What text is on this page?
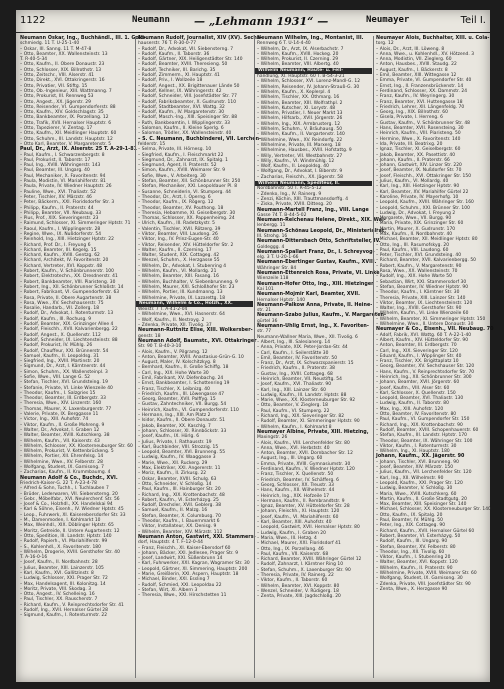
1122	Neumann — „Lehmann 1931“ —	Neumayer	Teil I.
Neumann Oskar, Ing., Buchhändl., III. 1. Gold-
schmiedg. 11 T. U-25-1-40
– Oskar, III. Sanng. 11 T. M-47-8
– Otto, Beamter, XX. Wallensteinstr. 13
T. R-40-5-34
– Otto, Kaufm., II. Obere Donaustr. 23
– Otto, Schlosser, XIX. Billrothstr. 13
– Otto, Zeitschr., VIII. Alserstr. 41
– Otto, Direkt., XVI. Ottakringerstr. 16
– Otto, Privatier, VII. Stiftg. 15
– Otto, Ob.-Ingenieur, XIII. Wattmanng. 7
– Otto, Prokurist, III. Rennweg 53
– Otto, Angest., XX. Jägerstr. 29
– Otto, Reisender, VI. Gumpendorferstr. 88
– Otto, Kaufm., XIV. Goldschlagstr. 35
– Otto, Bankbeamter, IX. Porzellang. 12
– Otto, Trafik, XVII. Hernalser Hauptstr. 6
– Otto, Tapezierer, V. Zentag. 17
– Otto, Kaufm., XII. Meidlinger Hauptstr. 60
– Otto, Schuhm., III. Landstr. Hauptstr. 12
– Otto Karl, Beamter, V. Margaretenstr. 5
Paul, Dr., Arzt, IX. Alserstr. 25 T. A-29-1-81
– Paul, Kaufm., I. Schwarzenbergstr. 8
– Paul, Prokurist, II. Taborstr. 17
– Paul, Ing., XVIII. Währingerstr. 143
– Paul, Beamter, III. Ungarg. 40
– Paul, Mechaniker, X. Favoritenstr. 94
– Paula, Modistin, VI. Mariahilferstr. 81
– Paula, Private, IV. Wiedner Hauptstr. 26
– Pauline, Wwe., XVI. Thaliastr. 52
– Peter, Tischler, XV. Märzstr. 46
– Peter, Bäckerm., XXI. Floridsdorfer Str. 3
– Philipp, Kaufm., II. Praterstr. 44
– Philipp, Beamter, VII. Neubaug. 33
– Pius, Prof., XIX. Sieveringerstr. 23
– Raimund, Schlosser, XI. Simmeringer Hptstr. 71
– Raoul, Kaufm., I. Wipplingerstr. 28
– Regine, Wwe., IX. Nußdorferstr. 54
– Reinhold, Ing., XIII. Hietzinger Hptstr. 22
– Richard, Prof. Dr., I. Freyung 6
– Richard, Beamter, III. Kegelg. 15
– Richard, Kaufm., XVIII. Gentzg. 62
– Richard, Architekt, IV. Favoritenstr. 20
– Richard, Vertreter, XVI. Koppstr. 48
– Robert, Kaufm., V. Schönbrunnerstr. 100
– Robert, Elektrotechn., XX. Dresdnerstr. 41
– Robert, Bankbeamter, VIII. Piaristeng. 30
– Robert, Ing., XII. Schönbrunner Schloßstr. 14
– Robert, Fabrikant, VI. Gumpendorferstr. 63
– Rosa, Private, II. Obere Augartenstr. 38
– Rosa, Wwe., XV. Sechshauserstr. 75
– Rosalie, Handarb., VII. Zollerg. 18
– Rudolf, Dr., Advokat, I. Rotenturmstr. 13
– Rudolf, Kaufm., III. Rochusg. 9
– Rudolf, Beamter, XIX. Grinzinger Allee 4
– Rudolf, Fleischh., XVII. Kalvarienbergg. 22
– Rudolf, Angest., X. Quellenstr. 112
– Rudolf, Schneider, IX. Liechtensteinstr. 88
– Rudolf, Prokurist, IV. Mühlg. 26
– Rudolf, Chauffeur, XXI. Brünnerstr. 54
– Samuel, Kaufm., II. Leopoldsg. 31
– Siegfried, Ing., XVIII. Martinstr. 20
– Sigmund, Dr., Arzt, I. Kärntnerstr. 44
– Simon, Schuhm., XX. Wallensteinpl. 3
– Sofie, Wwe., VIII. Lange G. 52
– Stefan, Tischler, XVI. Grundsteing. 19
– Stefanie, Private, VI. Linke Wienzeile 40
– Theodor, Kaufm., I. Salzgries 15
– Theodor, Beamter, III. Erdbergstr. 33
– Theresia, Wwe., XIV. Linzerstr. 160
– Thomas, Maurer, X. Laxenburgerstr. 77
– Valerie, Private, IX. Berggasse 11
– Victor, Ing., XIII. Auhofstr. 74
– Viktor, Kaufm., II. Große Mohreng. 9
– Walter, Dr., Advokat, I. Graben 12
– Walter, Beamter, XVIII. Kutschkerg. 38
– Wilhelm, Kaufm., VII. Kaiserstr. 43
– Wilhelm, Schlosser, XX. Klosterneuburger Str. 60
– Wilhelm, Prokurist, V. Kettenbrückeng. 5
– Wilhelm, Portier, XII. Ehrenfelsg. 14
– Wilhelmine, Wwe., XV. Felberstr. 28
– Wolfgang, Student, IX. Garnisong. 7
– Zacharias, Kaufm., II. Krummbaumg. 4
Neumann Adolf & Co., Buchdr., XVI.
Friedrich-Kaiser-G. 22 T. A-23-4-78
– Alfred & Sohn, Tuchh., I. Tuchlauben 7
– Brüder, Lederwaren, VII. Siebensterng. 20
– Gebr., Möbelfabr., XVI. Neulerchenf. Str. 56
– Josef & Co., Holzhdl., XX. Handelskai 94
– Karl & Söhne, Eisenh., IV. Wiedner Hptstr. 45
– Leop., Fuhrwerk, XI. Kaiserebersdorfer Str. 33
– M., Damenmoden, I. Kohlmarkt 10
– Max, Weinhdl., XIX. Döblinger Hptstr. 65
– Moritz, Getreide, II. Untere Augartenstr. 12
– Otto, Spedition, III. Landstr. Hptstr. 140
– Rudolf, Papierh., VI. Mariahilferstr. 99
– S., Kohlenhdl., X. Favoritenstr. 180
– Wilhelm, Drogerie, XVIII. Gersthofer Str. 40
T. A-16-0-16
– Josef, Kaufm., II. Nordbahnstr. 28
– Julius, Beamter, XIII. Lainzerstr. 105
– Karl, Kaufm., XVI. Gallitzinstr. 8
– Ludwig, Schlosser, XXI. Prager Str. 72
– Max, Handelsagent, III. Kolonitzg. 14
– Moritz, Private, VIII. Skodag. 3
– Otto, Angest., IV. Schelleing. 16
– Paul, Tischler, XX. Rauscherstr. 7
– Richard, Kaufm., V. Reinprechtsdorfer Str. 41
– Rudolf, Ing., XVII. Hernalser Gürtel 28
– Sigmund, Kaufm., I. Rotenturmstr. 22
Neumann Rudolf, Journalist, XIV (XV). Sechs-
hauserstr. 76 T. R-30-0-77
– Rudolf, Dr., Advokat, VII. Siebensterng. 7
– Rudolf, Kaufm., II. Taborstr. 36
– Rudolf, Gärtner, XIX. Heiligenstädter Str. 140
– Rudolf, Beamter, XVIII. Theresieng. 50
– Rudolf, Techniker, III. Barichg. 35
– Rudolf, Zimmerm., XI. Hauptstr. 41
– Rudolf, Priv., I. Wollzeile 18
– Rudolf, Angest., XX. Brigittenauer Lände 50
– Rudolf, Kellner, IX. Währingerstr. 42
– Rudolf, Schneider, VIII. Josefstädter Str. 77
– Rudolf, Fabriksbeamter, X. Gudrunstr. 110
– Rudolf, Stadtbeamter, XVI. Wattg. 32
– Rudolf, Kaufm., IV. Margaretenstr. 30
– Rudolf, Masch.-Ing., XIII. Speisinger Str. 88
– Ruth, Bankbeamtin, I. Wipplingerstr. 33
– Salomon, Kaufm., II. Kleine Sperlg. 6
– Salomon, Trödler, XX. Wallensteinstr. 40
– S. C. Neumann, Buchbinderei, VII. Lerchen-
felderstr. 15
– Selma, Private, III. Hörnesg. 10
– Siegfried, Kaufm., I. Fleischmarkt 22
– Siegmund, Dr., Zahnarzt, IX. Spitalg. 1
– Siegmund, Agent, II. Praterstr. 52
– Simon, Kaufm., XVIII. Weimarer Str. 9
– Sofie, Wwe., V. Arbeiterg. 30
– Stefan, Beamter, XII. Schönbrunner Str. 250
– Stefan, Mechaniker, XXI. Leopoldauer Pl. 8
– Susanne, Schneiderin, VI. Stumperg. 44
– Theodor, Dr., Arzt, I. Operng. 6
– Theodor, Kaufm., IX. Rögerg. 12
– Theodor, Beamter, XV. Pouthong. 18
– Theresia, Hebamme, XI. Geiselbergstr. 30
– Thomas, Schlosser, XX. Pappenheimg. 24
– Ulrich, Kaufm., III. Radetzkystr. 5
– Valentin, Tischler, XVII. Rötzerg. 39
– Viktor, Beamter, VIII. Laudong. 26
– Viktor, Ing., IV. Prinz-Eugen-Str. 40
– Viktor, Reisender, XIV. Hütteldorfer Str. 2
– Walter, Kaufm., II. Czerning. 17
– Walter, Student, XIX. Cottageg. 42
– Wenzel, Schuhm., X. Herzgasse 55
– Wilhelm, Dr., Advokat, I. Stubenring 4
– Wilhelm, Kaufm., VI. Mollardg. 21
– Wilhelm, Beamter, XIII. Fasang. 16
– Wilhelm, Buchhalter, V. Siebenbrunneng. 9
– Wilhelm, Maurer, XXI. Schloßhofer Str. 23
– Wilhelm, Portier, III. Kundmanng. 13
– Wilhelmine, Private, IX. Lazarettg. 18
Neumann, Wilhelm & Co., Holzh., XX.
Wexstr. 7 T. A-41-2-04
– Wilhelmine, Wwe., XVI. Hasnerstr. 64
– Wolf, Kaufm., II. Nestroyg. 2
– Zdenka, Private, XII. Tivolig. 37
Neumann-Ruttnitz Elise, XIII. Wolkersber-
genstr. 18
Neumann Adolf, Baumstr., XVI. Ottakringer
Str. 90 T. B-40-3-10
– Alois, Kaufm., V. Pilgramg. 12
– Anton, Beamter, XVIII. Anastasius-Grün-G. 10
– August, Maler, IV. Kolschitzkyg. 8
– Bernhard, Kaufm., II. Große Schiffg. 18
– Carl, Ing., XIX. Hohe Warte 30
– Emil, Fabrikant, XV. Diefenbachg. 24
– Ernst, Bankbeamter, I. Schottenring 19
– Franz, Tischler, X. Leibnizg. 40
– Friedrich, Kaufm., III. Löwengasse 47
– Georg, Beamter, XVII. Palffyg. 15
– Gustav, Zahntechniker, VII. Burgg. 54
– Heinrich, Kaufm., VI. Gumpendorferstr. 110
– Hermann, Ing., XIII. Am Platz 2
– Isidor, Kaufm., II. Obere Donaustr. 51
– Jakob, Beamter, XX. Kaschlg. 7
– Johann, Schlosser, XI. Rinnböckstr. 33
– Josef, Kaufm., IX. Hörlg. 6
– Julius, Private, I. Rathausstr. 19
– Karl, Buchbinder, VIII. Strozzig. 15
– Leopold, Beamter, XVI. Brunneng. 55
– Ludwig, Kaufm., IV. Waaggasse 3
– Marie, Wwe., XII. Ruckerg. 29
– Max, Elektriker, XXI. Angererstr. 11
– Moriz, Kaufm., II. Zirkusg. 22
– Oskar, Beamter, XVIII. Schulg. 63
– Otto, Schneider, V. Schloßg. 14
– Paul, Kaufm., III. Hainburger Str. 20
– Richard, Ing., XIX. Krottenbachstr. 48
– Robert, Kaufm., VI. Esterházyg. 25
– Rudolf, Drechsler, XVII. Geblerg. 38
– Samuel, Kaufm., II. Malzg. 16
– Stefan, Beamter, X. Columbusg. 70
– Theodor, Kaufm., I. Bauernmarkt 6
– Viktor, Installateur, XX. Denisg. 9
– Wilhelm, Beamter, XIV. Märzstr. 112
Neumann Anton, Gastwirt, XXI. Stammers-
dorf, Hauptstr. 4 T. F-12-0-44
– Franz, Fleischh., XI. Kaiser-Ebersdorf 60
– Johann, Bäcker, XXI. Jedlesee, Prager Str. 9
– Josef, Landwirt, XXI. Süßenbrunn 14
– Karl, Fuhrwerker, XXI. Kagran, Wagramer Str. 30
– Leopold, Gärtner, XI. Simmering, Hauptstr. 200
– Marie, Greißlerin, XXI. Aspern, Hauptstr. 18
– Michael, Binder, XXI. Essling 7
– Rudolf, Schmied, XXI. Leopoldau 22
– Stefan, Wirt, XI. Albern 3
– Theresia, Wwe., XXI. Hirschstetten 11
Neumann Wilhelm, Ing., Montanist, III.
Rennweg 6 T. U-14-4-40
– Wilhelm, Dr., Arzt, IX. Alserbachstr. 7
– Wilhelm, Kaufm., XVIII. Hockeg. 20
– Wilhelm, Prokurist, II. Czerning. 29
– Wilhelm, Beamter, VIII. Albertg. 40
Wilhelm Neumann, Häute- u. Fell-
handlung, XI. Hauptstr. 60 T. B-54-3-21
– Wilhelm, Schlosser, XVI. Lorenz-Mandl-G. 12
– Wilhelm, Reisender, IV. Johann-Strauß-G. 30
– Wilhelm, Kaufm., X. Keplerpl. 4
– Wilhelm, Tischler, XX. Othmarg. 16
– Wilhelm, Beamter, XIII. Wolfrathpl. 2
– Wilhelm, Kutscher, XI. Lorystr. 48
– Wilhelm, Privatier, I. Neuer Markt 13
– Wilhelm, Hilfsarb., XVII. Jörgerstr. 26
– Wilhelm, Ing., XIX. Armbrusterg. 12
– Wilhelm, Schuhm., V. Bräuhausg. 50
– Wilhelm, Kaufm., II. Vorgartenstr. 140
– Wilhelmine, Wwe., XV. Reindorfg. 22
– Wilhelmine, Private, III. Marxerg. 18
– Wilhelmine, Hausbes., XVIII. Hofstattg. 9
– Willy, Vertreter, VII. Westbahnstr. 27
– Willy, Kaufm., VI. Windmühlg. 12
– Wolf, Kaufm., II. Leopoldsg. 40
– Wolfgang, Dr., Advokat, I. Biberstr. 9
– Zacharias, Fleischh., XX. Jägerstr. 58
Wilhelm Neumann, Spediteur, II.
Nordbahnstr. 50 T. R-45-5-12
– Zdenko, Ing., IV. Rainerg. 9
– Zenzi, Köchin, XIII. Trauttmansdorffg. 4
– Ziska, Private, XVIII. Dittesg. 20
Neumann-Martell Franz, Ing., VIII. Lange
Gasse 74 T. B-44-5-02
Neumann-Reichenau Helene, Direkt., XIX. Wal-
lenbergg. 11
Neumann-Schönau Leopold, Dr., Ministerialrat,
III. Strohg. 16
Neumann-Dittersbach Otto, Schriftsteller, IV.
Goldeggg. 4
Neumann-Spallart Franz, Dr., I. Schreyvog-
elg. 3 T. U-20-1-66
Neumann-Ebertinger Gustav, Kaufm., XVIII.
Währinger Str. 84
Neumann-Ettenreich Rosa, Private, VI. Linke
Wienzeile 118
Neumann-Hofer Otto, Ing., XIII. Hietzinger
Kai 101
Neumann-Mojmir Karl, Beamter, XVII.
Hernalser Hptstr. 140
Neumann-Palkow Anna, Private, II. Heine-
str. 21
Neumann-Szabo Julius, Kaufm., V. Margareten-
gürtel 36
Neumann-Uhlig Ernst, Ing., X. Favoriten-
str. 77
Neumann-Wallner Maria, Wwe., XII. Tivolig. 6
– Albert, Ing., III. Salesianerg. 14
– Anna, Private, XIX. Peter-Jordan-Str. 44
– Carl, Kaufm., I. Seilerstätte 30
– Emil, Beamter, IV. Favoritenstr. 50
– Franz, Dr., Arzt, IX. Schwarzspanierstr. 15
– Friedrich, Kaufm., II. Praterstr. 38
– Gustav, Ing., XVIII. Cottageg. 68
– Heinrich, Beamter, VII. Neustiftg. 54
– Josef, Kaufm., XVI. Thaliastr. 90
– Karl, Ing., XIII. Lainzer Str. 60
– Ludwig, Kaufm., III. Landstr. Hptstr. 88
– Marie, Wwe., XX. Klosterneuburger Str. 92
– Otto, Beamter, V. Zieglerg. 18
– Paul, Kaufm., VI. Stumperg. 22
– Richard, Ing., XIX. Sieveringer Str. 82
– Rudolf, Beamter, XI. Simmeringer Hptstr. 90
– Wilhelm, Kaufm., I. Kohlmarkt 8
Neumayer Albine, Private, XIII. Hietzing,
Maxingstr. 26
– Alois, Kaufm., VIII. Lerchenfelder Str. 80
– Anna, Wwe., XVI. Herbststr. 40
– Anton, Beamter, XVII. Dornbacher Str. 12
– August, Ing., III. Ungarg. 60
– Emma, Private, XVIII. Gymnasiumstr. 30
– Ferdinand, Kaufm., V. Wiedner Hptstr. 120
– Franz, Tischler, X. Quellenstr. 50
– Friedrich, Beamter, IV. Schäfferg. 6
– Georg, Schlosser, XX. Treustr. 33
– Hans, Kaufm., XII. Wilhelmstr. 44
– Heinrich, Ing., XIX. Hofzeile 17
– Hermann, Kaufm., II. Rembrandtstr. 9
– Ignaz, Beamter, XV. Hütteldorfer Str. 28
– Johann, Fleischh., XI. Hauptstr. 120
– Josef, Kaufm., VI. Mariahilferstr. 60
– Karl, Beamter, XIII. Auhofstr. 40
– Leopold, Gastwirt, XVII. Hernalser Hptstr. 80
– Ludwig, Kaufm., I. Graben 20
– Maria, Wwe., III. Hetzg. 4
– Michael, Maurer, XXI. Floridsdorf 41
– Otto, Ing., IX. Porzellang. 46
– Paul, Kaufm., VII. Kaiserstr. 68
– Richard, Beamter, XVIII. Währinger Gürtel 12
– Rudolf, Zahnarzt, I. Kärntner Ring 10
– Stefan, Schuhm., X. Laxenburger Str. 90
– Theresia, Private, IV. Rainerg. 22
– Viktor, Kaufm., II. Taborstr. 60
– Wilhelm, Beamter, XVI. Koppstr. 80
– Wenzel, Schneider, V. Rüdigerg. 18
– Zenta, Private, XIII. Jagdschloßg. 20
Neumayer Alois, Buchhalter, XIII. u. Cola-
torg. 12
– Alois, Dr., Arzt, III. Löweng. 8
– Anna, Wwe., u. Kohlenhdl., XV. Hötzend. 3
– Anna, Modistin, VII. Zieglerg. 60
– Anton, Hausbes., XVIII. Staudg. 22
– August, Kaufm., I. Bäckerstr. 8
– Emil, Beamter, XIII. Wittegasse 12
– Emma, Private, VI. Gumpendorfer Str. 40
– Ernst, Ing., II. Franzensbrückenstr. 14
– Ferdinand, Schlosser, XX. Dammstr. 24
– Franz, Kaufm., IV. Weyringerg. 30
– Franz, Beamter, XVI. Huttengasse 18
– Friedrich, Lehrer, XII. Längenfeldg. 70
– Georg, Ing., XIX. Billrothstr. 60
– Gisela, Private, I. Herreng. 6
– Gustav, Kaufm., V. Schönbrunner Str. 48
– Hans, Beamter, XVII. Rosensteing. 30
– Heinrich, Kaufm., VIII. Piaristeng. 50
– Hermine, Wwe., X. Favoritenstr. 140
– Ida, Private, III. Beatrixg. 20
– Ignaz, Tischler, XI. Geiselbergstr. 60
– Jakob, Beamter, XX. Pasettistr. 40
– Johann, Kaufm., II. Praterstr. 66
– Johann, Gastwirt, XIV. Linzer Str. 220
– Josef, Beamter, IX. Nußdorfer Str. 70
– Josef, Fleischh., XVI. Ottakringer Str. 150
– Julius, Kaufm., VI. Mollardg. 40
– Karl, Ing., XIII. Hietzinger Hptstr. 90
– Karl, Beamter, XV. Mariahilfer Gürtel 22
– Karoline, Private, IV. Mayerhofg. 10
– Leopold, Kaufm., XVIII. Währinger Str. 160
– Leopold, Schuhm., XXI. Brünner Str. 100
– Ludwig, Dr., Advokat, I. Freyung 2
– Margarete, Wwe., VII. Burgg. 90
– Maria, Private, XIX. Grinzinger Str. 60
– Martin, Maurer, X. Gudrunstr. 170
– Max, Kaufm., II. Nordbahnstr. 40
– Michael, Beamter, XII. Meidlinger Hptstr. 80
– Otto, Ing., III. Rasumofskyg. 20
– Paul, Kaufm., VIII. Laudong. 60
– Peter, Tischler, XVI. Grundsteing. 40
– Richard, Beamter, XVII. Kalvarienbergg. 50
– Robert, Kaufm., V. Margaretenstr. 90
– Rosa, Wwe., XX. Wallensteinstr. 70
– Rudolf, Ing., XIX. Hohe Warte 50
– Sebastian, Wirt, XXI. Stammersdorf 30
– Stefan, Beamter, IV. Wiedner Hptstr. 90
– Theodor, Kaufm., I. Kärntner Str. 30
– Theresia, Private, XIII. Lainzer Str. 140
– Viktor, Beamter, IX. Liechtensteinstr. 120
– Walter, Ing., XVIII. Gersthofer Str. 90
– Wilhelm, Kaufm., VI. Linke Wienzeile 60
– Wilhelm, Beamter, XI. Simmeringer Hptstr. 150
– Wilhelmine, Wwe., II. Untere Donaustr. 30
Neumayer & Co., Eisenh., VII. Neubaug. 70
– Adolf, Fabrik, XVI. Wattg. 60 T. A-22-1-40
– Albert, Kaufm., XIV. Hütteldorfer Str. 90
– Anton, Beamter, III. Erdbergstr. 70
– Carl, Ing., XIX. Sieveringer Str. 120
– Eduard, Kaufm., I. Wipplinger Str. 40
– Franz, Tischler, XX. Brigittaplatz 10
– Georg, Beamter, XV. Sechshauser Str. 120
– Hans, Kaufm., V. Reinprechtsdorfer Str. 70
– Heinrich, Ing., XII. Schönbrunner Str. 300
– Johann, Beamter, XVII. Jörgerstr. 60
– Josef, Kaufm., VIII. Alser Str. 60
– Karl, Schlosser, X. Quellenstr. 150
– Leopold, Beamter, XVI. Thaliastr. 130
– Ludwig, Kaufm., II. Taborstr. 80
– Max, Ing., XIII. Auhofstr. 120
– Otto, Beamter, IV. Favoritenstr. 80
– Paul, Kaufm., VI. Gumpendorfer Str. 150
– Richard, Ing., XIX. Krottenbachstr. 90
– Rudolf, Beamter, XVIII. Schopenhauerstr. 60
– Stefan, Kaufm., III. Landstr. Hptstr. 170
– Theodor, Beamter, IX. Währinger Str. 100
– Viktor, Kaufm., I. Rotenturmstr. 30
– Wilhelm, Ing., XI. Hauptstr. 180
Johann, Kaufm., XX. Jägerstr. 90
– Johann, Tischler, XVI. Brunneng. 90
– Josef, Beamter, XIV. Märzstr. 150
– Julius, Kaufm., VII. Lerchenfelder Str. 120
– Karl, Ing., XII. Wilhelmstr. 90
– Leopold, Kaufm., XXI. Prager Str. 120
– Ludwig, Beamter, V. Schloßg. 30
– Maria, Wwe., XVIII. Kutschkerg. 60
– Martin, Kaufm., II. Große Stadtgutg. 20
– Max, Beamter, XIII. Speisinger Str. 140
– Michael, Schlosser, XX. Klosterneuburger Str. 140
– Otto, Kaufm., IX. Spitalg. 20
– Paul, Beamter, IV. Mühlg. 50
– Peter, Ing., XIX. Cottageg. 90
– Richard, Kaufm., XVII. Hernalser Gürtel 60
– Robert, Beamter, VI. Esterházyg. 50
– Rudolf, Kaufm., III. Ungarg. 90
– Stefan, Beamter, XV. Felberstr. 80
– Theodor, Ing., XII. Tivolig. 60
– Viktor, Kaufm., I. Stubenring 20
– Walter, Beamter, XVI. Koppstr. 120
– Wilhelm, Kaufm., II. Praterstr. 90
– Wilhelmine, Private, XVIII. Weimarer Str. 60
– Wolfgang, Student, IX. Garnisong. 30
– Zdenka, Private, VIII. Josefstädter Str. 90
– Zenta, Wwe., X. Herzgasse 90
